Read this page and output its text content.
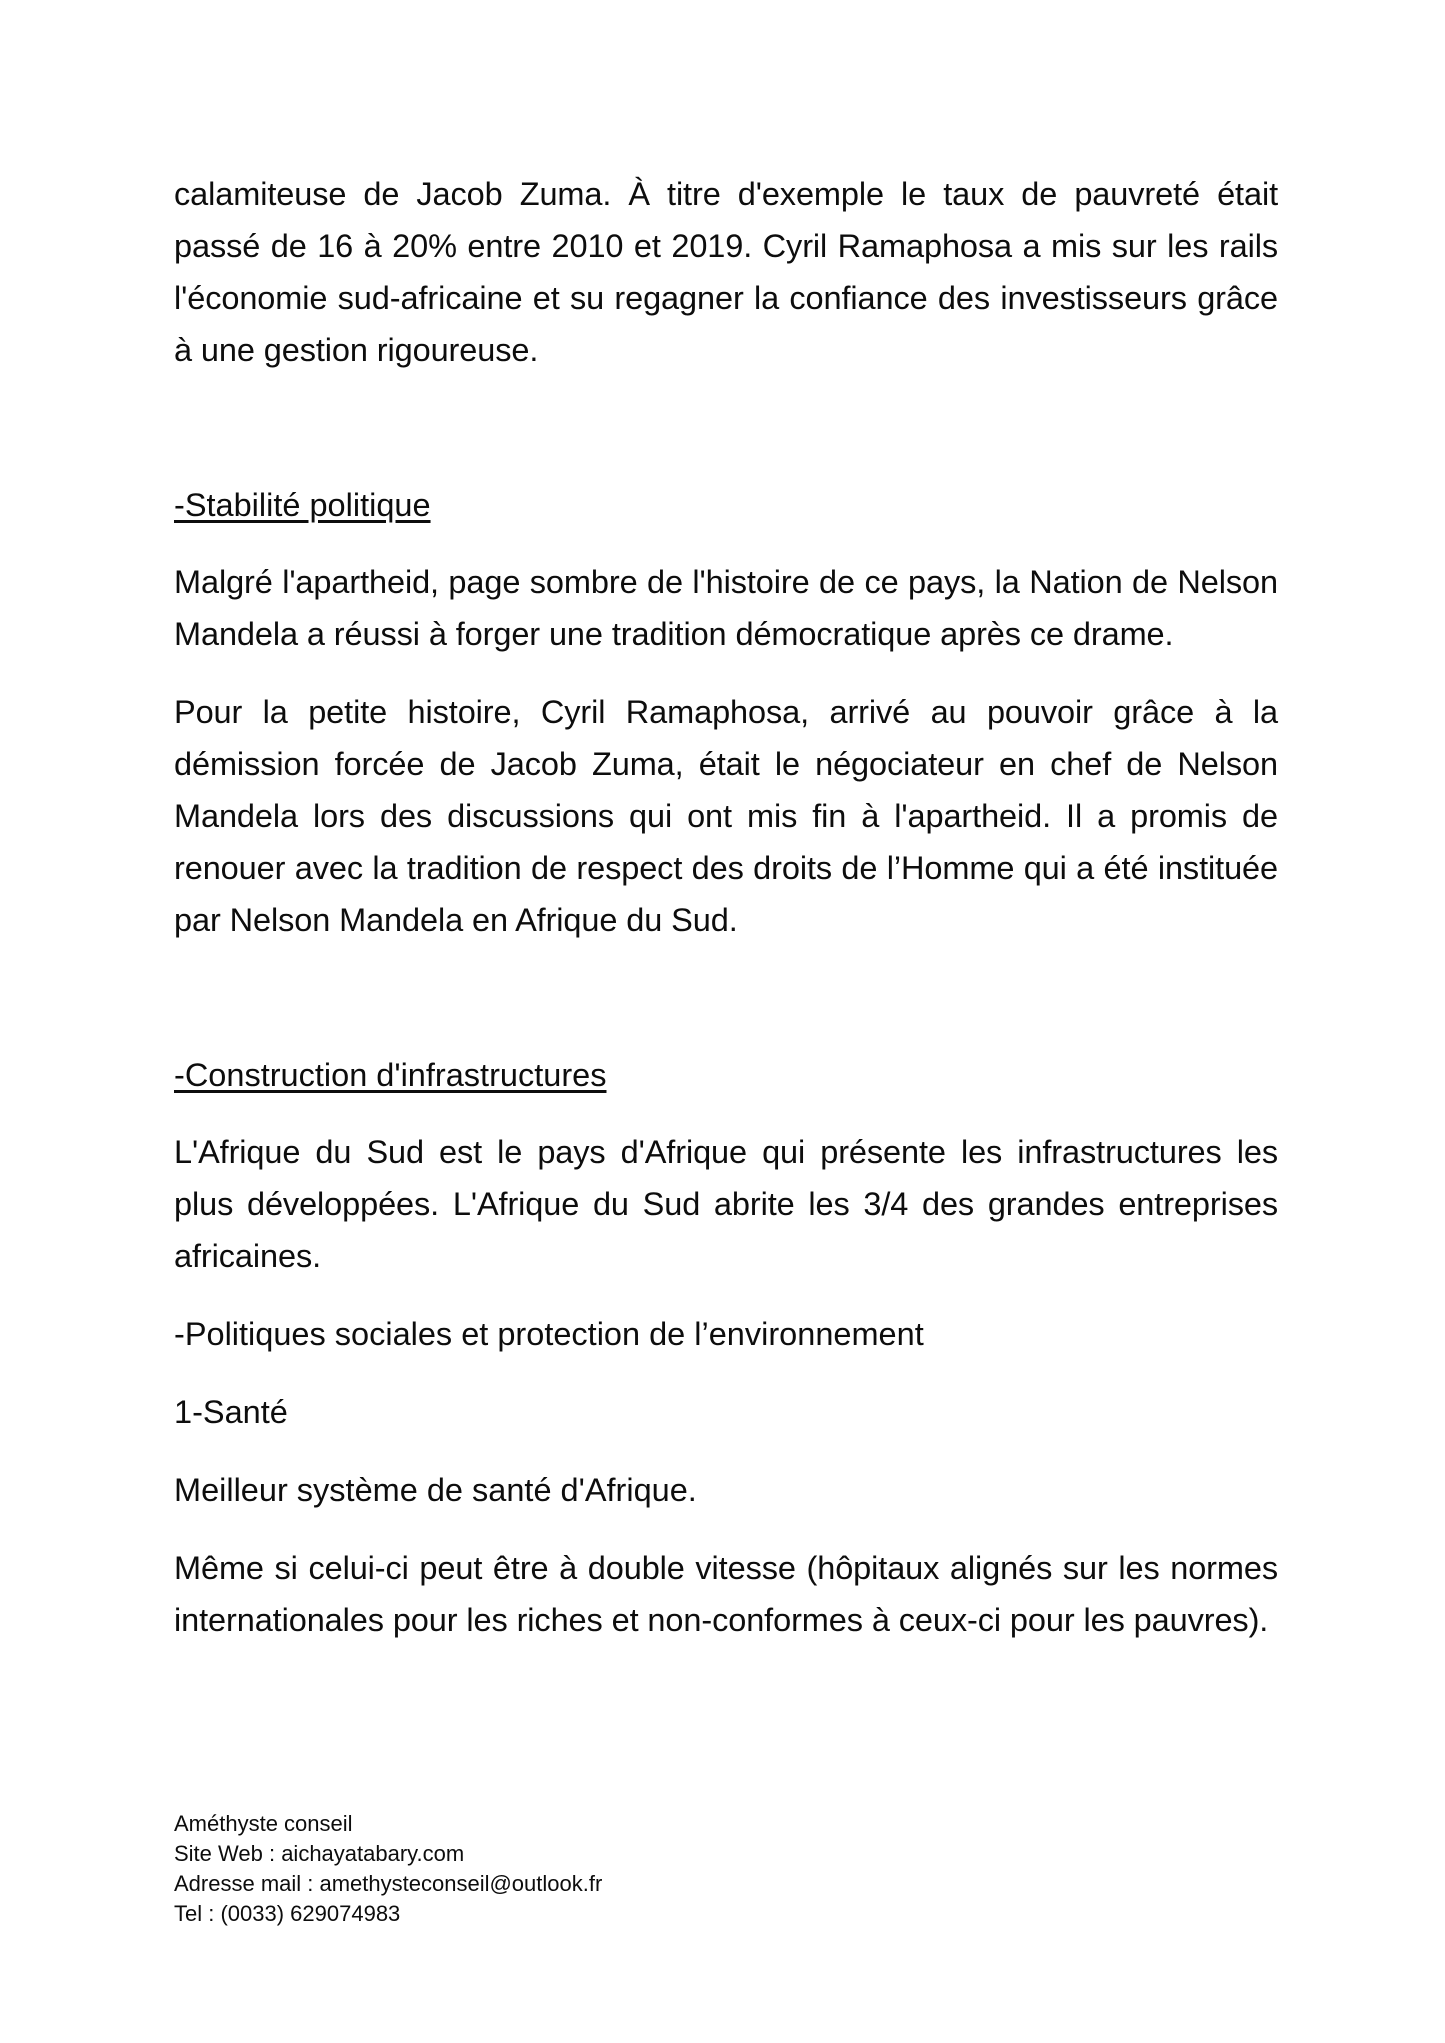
calamiteuse de Jacob Zuma. À titre d'exemple le taux de pauvreté était passé de 16 à 20% entre 2010 et 2019. Cyril Ramaphosa a mis sur les rails l'économie sud-africaine et su regagner la confiance des investisseurs grâce à une gestion rigoureuse.

-Stabilité politique

Malgré l'apartheid, page sombre de l'histoire de ce pays, la Nation de Nelson Mandela a réussi à forger une tradition démocratique après ce drame.

Pour la petite histoire, Cyril Ramaphosa, arrivé au pouvoir grâce à la démission forcée de Jacob Zuma, était le négociateur en chef de Nelson Mandela lors des discussions qui ont mis fin à l'apartheid. Il a promis de renouer avec la tradition de respect des droits de l’Homme qui a été instituée par Nelson Mandela en Afrique du Sud.

-Construction d'infrastructures

L'Afrique du Sud est le pays d'Afrique qui présente les infrastructures les plus développées. L'Afrique du Sud abrite les 3/4 des grandes entreprises africaines.

-Politiques sociales et protection de l’environnement

1-Santé

Meilleur système de santé d'Afrique.

Même si celui-ci peut être à double vitesse (hôpitaux alignés sur les normes internationales pour les riches et non-conformes à ceux-ci pour les pauvres).

Améthyste conseil

Site Web : aichayatabary.com

Adresse mail : amethysteconseil@outlook.fr

Tel : (0033) 629074983
